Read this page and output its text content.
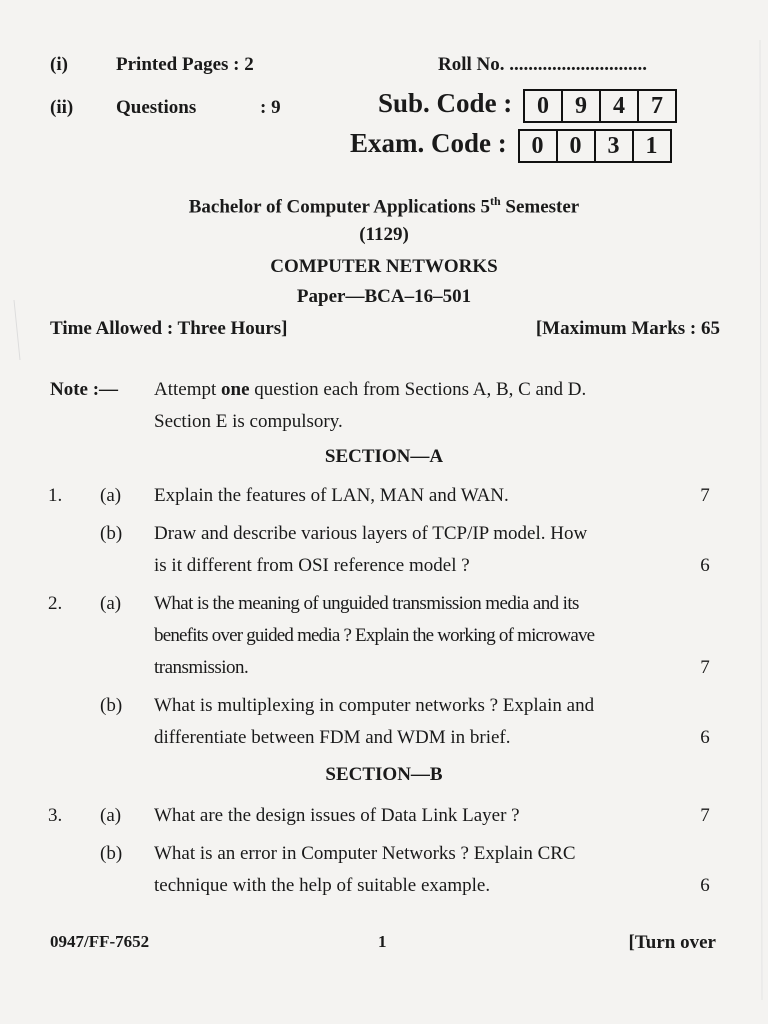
(i)	Printed Pages : 2	Roll No. .............................
(ii) Questions	: 9	Sub. Code :	0	9	4	7
Exam. Code :	0	0	3	1
Bachelor of Computer Applications 5th Semester
(1129)
COMPUTER NETWORKS
Paper—BCA–16–501
Time Allowed : Three Hours]	[Maximum Marks : 65
Note :— Attempt one question each from Sections A, B, C and D.
Section E is compulsory.
SECTION—A
1.	(a)	Explain the features of LAN, MAN and WAN.	7
(b)	Draw and describe various layers of TCP/IP model. How
is it different from OSI reference model ?	6
2.	(a)	What is the meaning of unguided transmission media and its
benefits over guided media ? Explain the working of microwave
transmission.	7
(b)	What is multiplexing in computer networks ? Explain and
differentiate between FDM and WDM in brief.	6
SECTION—B
3.	(a)	What are the design issues of Data Link Layer ?	7
(b)	What is an error in Computer Networks ? Explain CRC
technique with the help of suitable example.	6
0947/FF-7652	1	[Turn over
